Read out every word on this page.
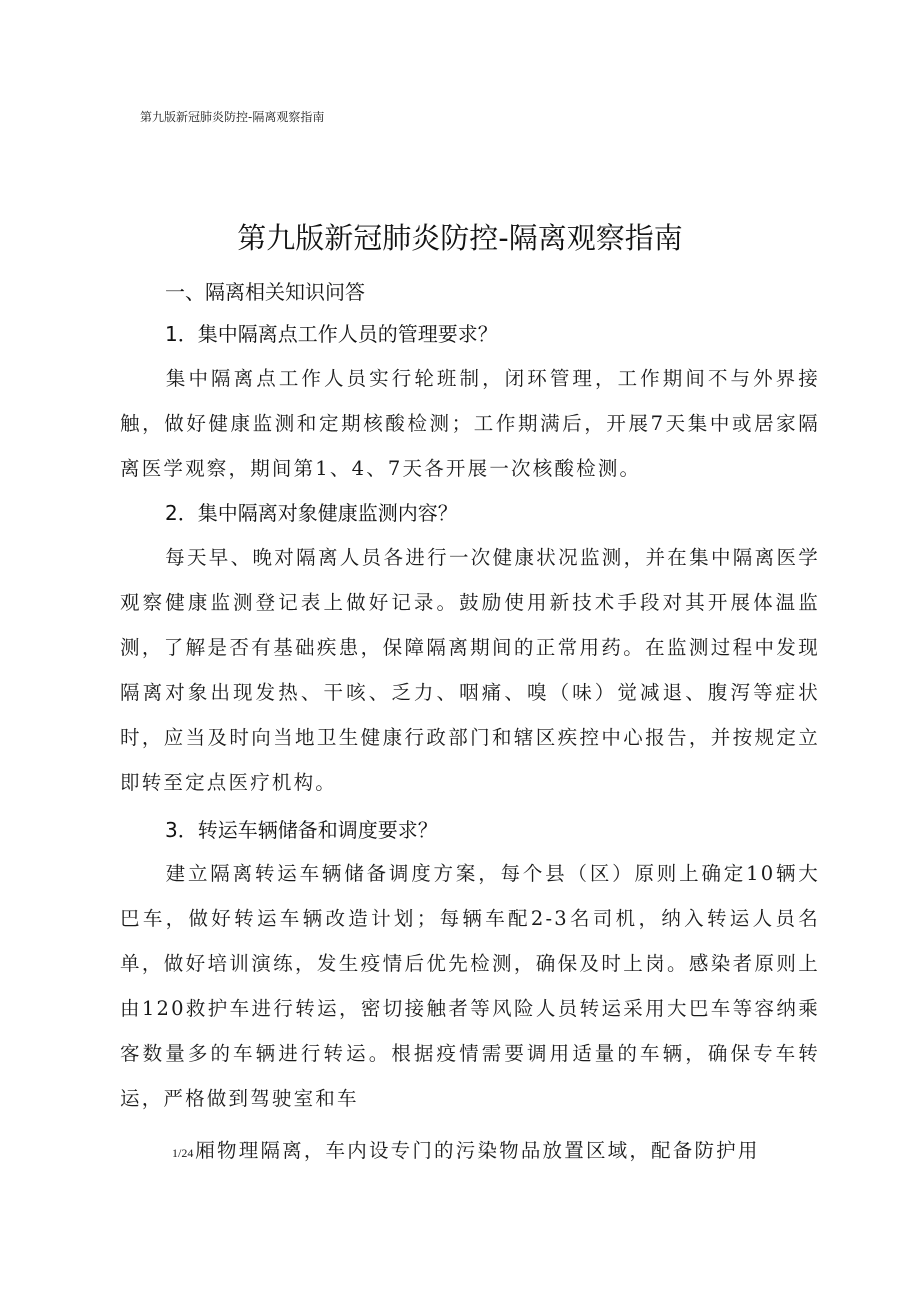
第九版新冠肺炎防控-隔离观察指南
第九版新冠肺炎防控-隔离观察指南
一、隔离相关知识问答
1．集中隔离点工作人员的管理要求？

集中隔离点工作人员实行轮班制，闭环管理，工作期间不与外界接触，做好健康监测和定期核酸检测；工作期满后，开展7天集中或居家隔离医学观察，期间第1、4、7天各开展一次核酸检测。

2．集中隔离对象健康监测内容？

每天早、晚对隔离人员各进行一次健康状况监测，并在集中隔离医学观察健康监测登记表上做好记录。鼓励使用新技术手段对其开展体温监测，了解是否有基础疾患，保障隔离期间的正常用药。在监测过程中发现隔离对象出现发热、干咳、乏力、咽痛、嗅（味）觉减退、腹泻等症状时，应当及时向当地卫生健康行政部门和辖区疾控中心报告，并按规定立即转至定点医疗机构。

3．转运车辆储备和调度要求？

建立隔离转运车辆储备调度方案，每个县（区）原则上确定10辆大巴车，做好转运车辆改造计划；每辆车配2-3名司机，纳入转运人员名单，做好培训演练，发生疫情后优先检测，确保及时上岗。感染者原则上由120救护车进行转运，密切接触者等风险人员转运采用大巴车等容纳乘客数量多的车辆进行转运。根据疫情需要调用适量的车辆，确保专车转运，严格做到驾驶室和车

1/24 厢物理隔离，车内设专门的污染物品放置区域，配备防护用
